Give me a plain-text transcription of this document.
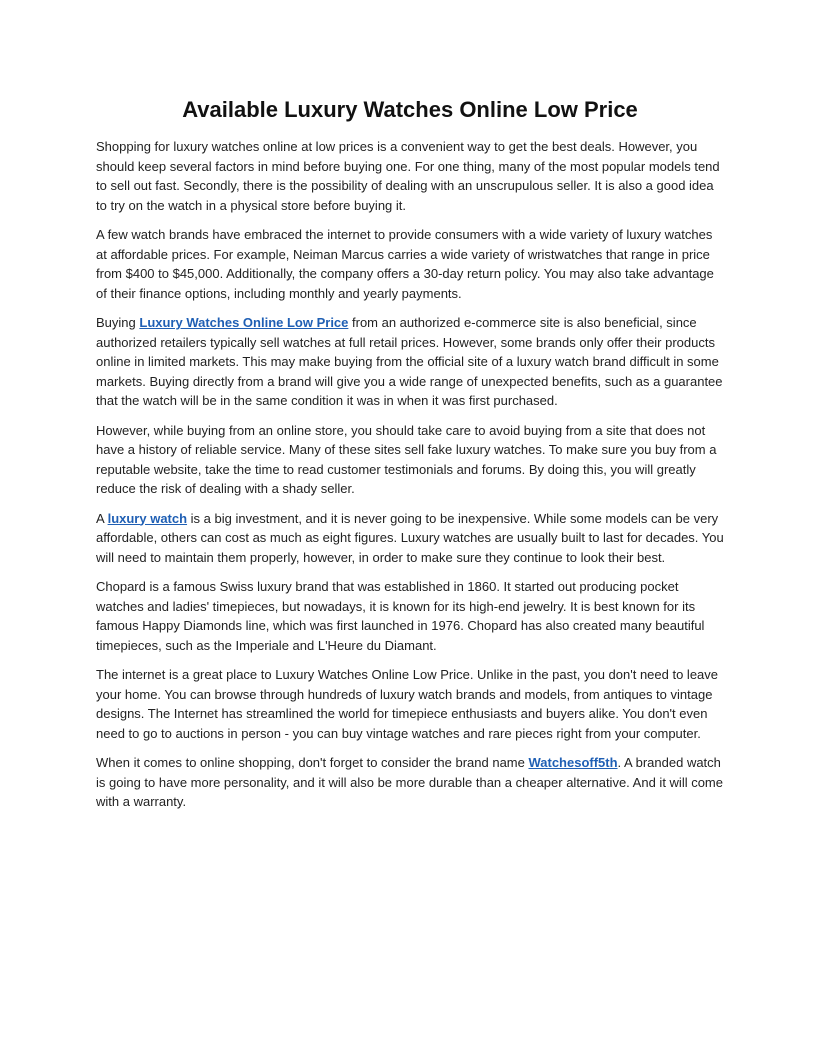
Available Luxury Watches Online Low Price

Shopping for luxury watches online at low prices is a convenient way to get the best deals. However, you should keep several factors in mind before buying one. For one thing, many of the most popular models tend to sell out fast. Secondly, there is the possibility of dealing with an unscrupulous seller. It is also a good idea to try on the watch in a physical store before buying it.

A few watch brands have embraced the internet to provide consumers with a wide variety of luxury watches at affordable prices. For example, Neiman Marcus carries a wide variety of wristwatches that range in price from $400 to $45,000. Additionally, the company offers a 30-day return policy. You may also take advantage of their finance options, including monthly and yearly payments.

Buying Luxury Watches Online Low Price from an authorized e-commerce site is also beneficial, since authorized retailers typically sell watches at full retail prices. However, some brands only offer their products online in limited markets. This may make buying from the official site of a luxury watch brand difficult in some markets. Buying directly from a brand will give you a wide range of unexpected benefits, such as a guarantee that the watch will be in the same condition it was in when it was first purchased.

However, while buying from an online store, you should take care to avoid buying from a site that does not have a history of reliable service. Many of these sites sell fake luxury watches. To make sure you buy from a reputable website, take the time to read customer testimonials and forums. By doing this, you will greatly reduce the risk of dealing with a shady seller.

A luxury watch is a big investment, and it is never going to be inexpensive. While some models can be very affordable, others can cost as much as eight figures. Luxury watches are usually built to last for decades. You will need to maintain them properly, however, in order to make sure they continue to look their best.

Chopard is a famous Swiss luxury brand that was established in 1860. It started out producing pocket watches and ladies' timepieces, but nowadays, it is known for its high-end jewelry. It is best known for its famous Happy Diamonds line, which was first launched in 1976. Chopard has also created many beautiful timepieces, such as the Imperiale and L'Heure du Diamant.

The internet is a great place to Luxury Watches Online Low Price. Unlike in the past, you don't need to leave your home. You can browse through hundreds of luxury watch brands and models, from antiques to vintage designs. The Internet has streamlined the world for timepiece enthusiasts and buyers alike. You don't even need to go to auctions in person - you can buy vintage watches and rare pieces right from your computer.

When it comes to online shopping, don't forget to consider the brand name Watchesoff5th. A branded watch is going to have more personality, and it will also be more durable than a cheaper alternative. And it will come with a warranty.
